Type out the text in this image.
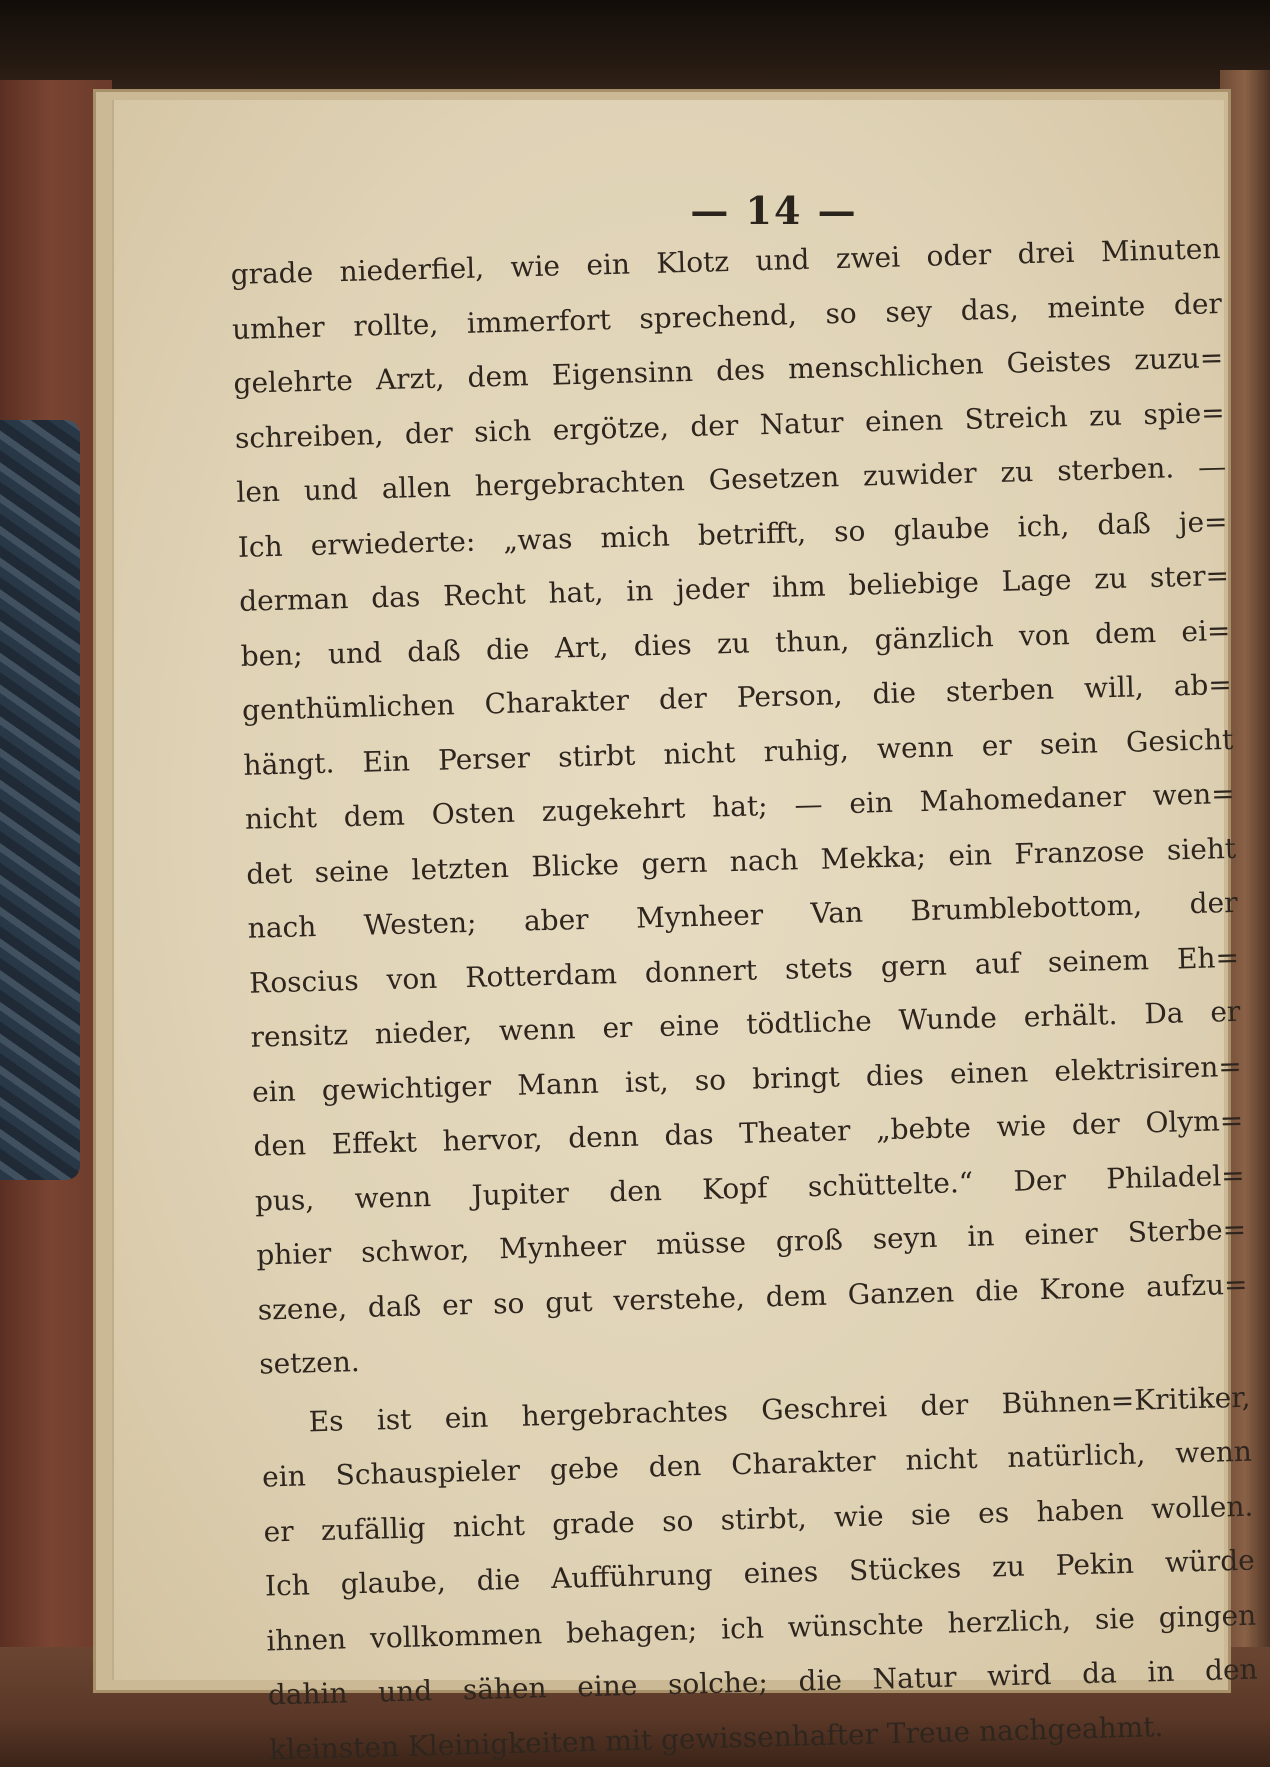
— 14 —
grade niederfiel, wie ein Klotz und zwei oder drei Minuten
umher rollte, immerfort sprechend, so sey das, meinte der
gelehrte Arzt, dem Eigensinn des menschlichen Geistes zuzu=
schreiben, der sich ergötze, der Natur einen Streich zu spie=
len und allen hergebrachten Gesetzen zuwider zu sterben. —
Ich erwiederte: „was mich betrifft, so glaube ich, daß je=
derman das Recht hat, in jeder ihm beliebige Lage zu ster=
ben; und daß die Art, dies zu thun, gänzlich von dem ei=
genthümlichen Charakter der Person, die sterben will, ab=
hängt. Ein Perser stirbt nicht ruhig, wenn er sein Gesicht
nicht dem Osten zugekehrt hat; — ein Mahomedaner wen=
det seine letzten Blicke gern nach Mekka; ein Franzose sieht
nach Westen; aber Mynheer Van Brumblebottom, der
Roscius von Rotterdam donnert stets gern auf seinem Eh=
rensitz nieder, wenn er eine tödtliche Wunde erhält. Da er
ein gewichtiger Mann ist, so bringt dies einen elektrisiren=
den Effekt hervor, denn das Theater „bebte wie der Olym=
pus, wenn Jupiter den Kopf schüttelte.“ Der Philadel=
phier schwor, Mynheer müsse groß seyn in einer Sterbe=
szene, daß er so gut verstehe, dem Ganzen die Krone aufzu=
setzen.
Es ist ein hergebrachtes Geschrei der Bühnen=Kritiker,
ein Schauspieler gebe den Charakter nicht natürlich, wenn
er zufällig nicht grade so stirbt, wie sie es haben wollen.
Ich glaube, die Aufführung eines Stückes zu Pekin würde
ihnen vollkommen behagen; ich wünschte herzlich, sie gingen
dahin und sähen eine solche; die Natur wird da in den
kleinsten Kleinigkeiten mit gewissenhafter Treue nachgeahmt.
